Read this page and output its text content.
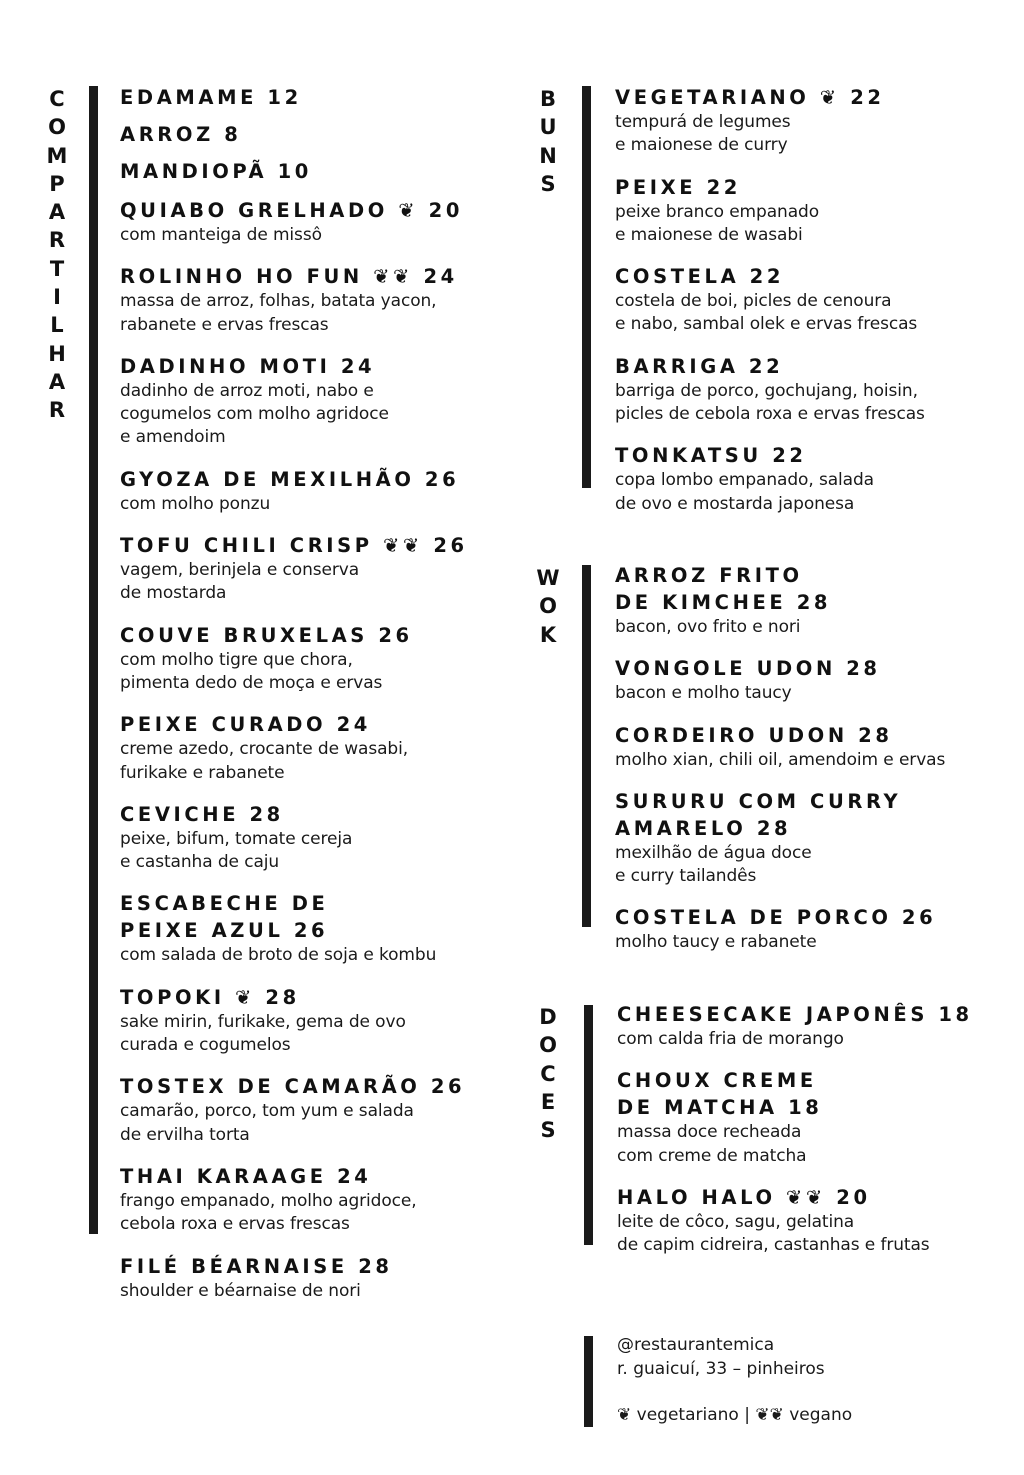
C
O
M
P
A
R
T
I
L
H
A
R
EDAMAME 12
ARROZ 8
MANDIOPÃ 10
QUIABO GRELHADO ❦ 20
com manteiga de missô
ROLINHO HO FUN ❦❦ 24
massa de arroz, folhas, batata yacon,
rabanete e ervas frescas
DADINHO MOTI 24
dadinho de arroz moti, nabo e
cogumelos com molho agridoce
e amendoim
GYOZA DE MEXILHÃO 26
com molho ponzu
TOFU CHILI CRISP ❦❦ 26
vagem, berinjela e conserva
de mostarda
COUVE BRUXELAS 26
com molho tigre que chora,
pimenta dedo de moça e ervas
PEIXE CURADO 24
creme azedo, crocante de wasabi,
furikake e rabanete
CEVICHE 28
peixe, bifum, tomate cereja
e castanha de caju
ESCABECHE DE
PEIXE AZUL 26
com salada de broto de soja e kombu
TOPOKI ❦ 28
sake mirin, furikake, gema de ovo
curada e cogumelos
TOSTEX DE CAMARÃO 26
camarão, porco, tom yum e salada
de ervilha torta
THAI KARAAGE 24
frango empanado, molho agridoce,
cebola roxa e ervas frescas
FILÉ BÉARNAISE 28
shoulder e béarnaise de nori
B
U
N
S
VEGETARIANO ❦ 22
tempurá de legumes
e maionese de curry
PEIXE 22
peixe branco empanado
e maionese de wasabi
COSTELA 22
costela de boi, picles de cenoura
e nabo, sambal olek e ervas frescas
BARRIGA 22
barriga de porco, gochujang, hoisin,
picles de cebola roxa e ervas frescas
TONKATSU 22
copa lombo empanado, salada
de ovo e mostarda japonesa
W
O
K
ARROZ FRITO
DE KIMCHEE 28
bacon, ovo frito e nori
VONGOLE UDON 28
bacon e molho taucy
CORDEIRO UDON 28
molho xian, chili oil, amendoim e ervas
SURURU COM CURRY
AMARELO 28
mexilhão de água doce
e curry tailandês
COSTELA DE PORCO 26
molho taucy e rabanete
D
O
C
E
S
CHEESECAKE JAPONÊS 18
com calda fria de morango
CHOUX CREME
DE MATCHA 18
massa doce recheada
com creme de matcha
HALO HALO ❦❦ 20
leite de côco, sagu, gelatina
de capim cidreira, castanhas e frutas
@restaurantemica
r. guaicuí, 33 – pinheiros
❦ vegetariano | ❦❦ vegano
